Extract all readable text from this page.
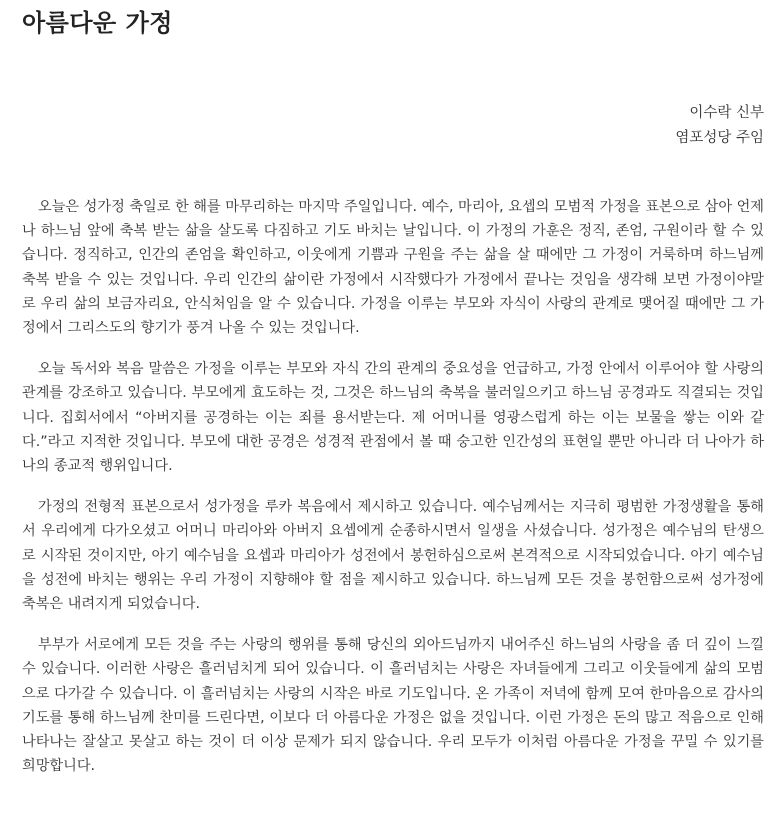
아름다운 가정
이수락 신부
염포성당 주임

오늘은 성가정 축일로 한 해를 마무리하는 마지막 주일입니다. 예수, 마리아, 요셉의 모범적 가정을 표본으로 삼아 언제나 하느님 앞에 축복 받는 삶을 살도록 다짐하고 기도 바치는 날입니다. 이 가정의 가훈은 정직, 존엄, 구원이라 할 수 있습니다. 정직하고, 인간의 존엄을 확인하고, 이웃에게 기쁨과 구원을 주는 삶을 살 때에만 그 가정이 거룩하며 하느님께 축복 받을 수 있는 것입니다. 우리 인간의 삶이란 가정에서 시작했다가 가정에서 끝나는 것임을 생각해 보면 가정이야말로 우리 삶의 보금자리요, 안식처임을 알 수 있습니다. 가정을 이루는 부모와 자식이 사랑의 관계로 맺어질 때에만 그 가정에서 그리스도의 향기가 풍겨 나올 수 있는 것입니다.

오늘 독서와 복음 말씀은 가정을 이루는 부모와 자식 간의 관계의 중요성을 언급하고, 가정 안에서 이루어야 할 사랑의 관계를 강조하고 있습니다. 부모에게 효도하는 것, 그것은 하느님의 축복을 불러일으키고 하느님 공경과도 직결되는 것입니다. 집회서에서 “아버지를 공경하는 이는 죄를 용서받는다. 제 어머니를 영광스럽게 하는 이는 보물을 쌓는 이와 같다.”라고 지적한 것입니다. 부모에 대한 공경은 성경적 관점에서 볼 때 숭고한 인간성의 표현일 뿐만 아니라 더 나아가 하나의 종교적 행위입니다.

가정의 전형적 표본으로서 성가정을 루카 복음에서 제시하고 있습니다. 예수님께서는 지극히 평범한 가정생활을 통해서 우리에게 다가오셨고 어머니 마리아와 아버지 요셉에게 순종하시면서 일생을 사셨습니다. 성가정은 예수님의 탄생으로 시작된 것이지만, 아기 예수님을 요셉과 마리아가 성전에서 봉헌하심으로써 본격적으로 시작되었습니다. 아기 예수님을 성전에 바치는 행위는 우리 가정이 지향해야 할 점을 제시하고 있습니다. 하느님께 모든 것을 봉헌함으로써 성가정에 축복은 내려지게 되었습니다.

부부가 서로에게 모든 것을 주는 사랑의 행위를 통해 당신의 외아드님까지 내어주신 하느님의 사랑을 좀 더 깊이 느낄 수 있습니다. 이러한 사랑은 흘러넘치게 되어 있습니다. 이 흘러넘치는 사랑은 자녀들에게 그리고 이웃들에게 삶의 모범으로 다가갈 수 있습니다. 이 흘러넘치는 사랑의 시작은 바로 기도입니다. 온 가족이 저녁에 함께 모여 한마음으로 감사의 기도를 통해 하느님께 찬미를 드린다면, 이보다 더 아름다운 가정은 없을 것입니다. 이런 가정은 돈의 많고 적음으로 인해 나타나는 잘살고 못살고 하는 것이 더 이상 문제가 되지 않습니다. 우리 모두가 이처럼 아름다운 가정을 꾸밀 수 있기를 희망합니다.
